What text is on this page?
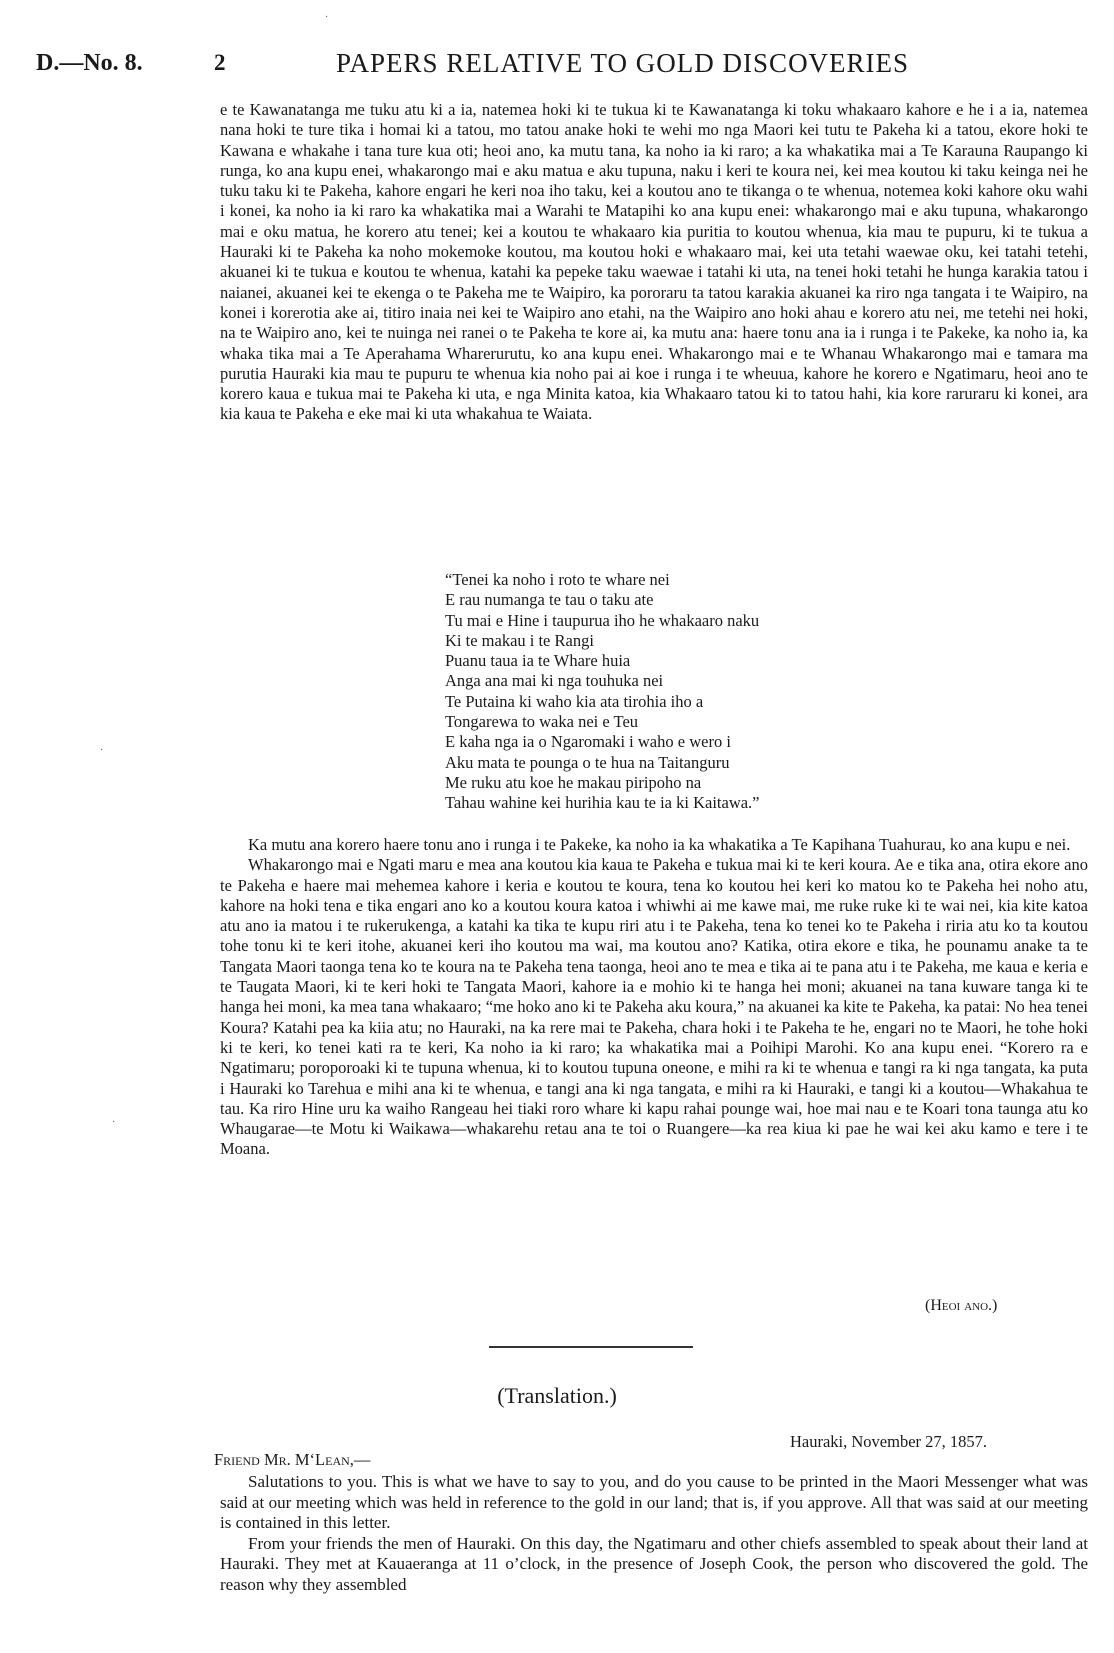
D.—No. 8.	2	PAPERS RELATIVE TO GOLD DISCOVERIES

e te Kawanatanga me tuku atu ki a ia, natemea hoki ki te tukua ki te Kawanatanga ki toku whakaaro kahore e he i a ia, natemea nana hoki te ture tika i homai ki a tatou, mo tatou anake hoki te wehi mo nga Maori kei tutu te Pakeha ki a tatou, ekore hoki te Kawana e whakahe i tana ture kua oti; heoi ano, ka mutu tana, ka noho ia ki raro; a ka whakatika mai a Te Karauna Raupango ki runga, ko ana kupu enei, whakarongo mai e aku matua e aku tupuna, naku i keri te koura nei, kei mea koutou ki taku keinga nei he tuku taku ki te Pakeha, kahore engari he keri noa iho taku, kei a koutou ano te tikanga o te whenua, notemea koki kahore oku wahi i konei, ka noho ia ki raro ka whakatika mai a Warahi te Matapihi ko ana kupu enei: whakarongo mai e aku tupuna, whakarongo mai e oku matua, he korero atu tenei; kei a koutou te whakaaro kia puritia to koutou whenua, kia mau te pupuru, ki te tukua a Hauraki ki te Pakeha ka noho mokemoke koutou, ma koutou hoki e whakaaro mai, kei uta tetahi waewae oku, kei tatahi tetehi, akuanei ki te tukua e koutou te whenua, katahi ka pepeke taku waewae i tatahi ki uta, na tenei hoki tetahi he hunga karakia tatou i naianei, akuanei kei te ekenga o te Pakeha me te Waipiro, ka pororaru ta tatou karakia akuanei ka riro nga tangata i te Waipiro, na konei i korerotia ake ai, titiro inaia nei kei te Waipiro ano etahi, na the Waipiro ano hoki ahau e korero atu nei, me tetehi nei hoki, na te Waipiro ano, kei te nuinga nei ranei o te Pakeha te kore ai, ka mutu ana: haere tonu ana ia i runga i te Pakeke, ka noho ia, ka whaka tika mai a Te Aperahama Wharerurutu, ko ana kupu enei. Whakarongo mai e te Whanau Whakarongo mai e tamara ma purutia Hauraki kia mau te pupuru te whenua kia noho pai ai koe i runga i te wheuua, kahore he korero e Ngatimaru, heoi ano te korero kaua e tukua mai te Pakeha ki uta, e nga Minita katoa, kia Whakaaro tatou ki to tatou hahi, kia kore raruraru ki konei, ara kia kaua te Pakeha e eke mai ki uta whakahua te Waiata.

“Tenei ka noho i roto te whare nei
E rau numanga te tau o taku ate
Tu mai e Hine i taupurua iho he whakaaro naku
Ki te makau i te Rangi
Puanu taua ia te Whare huia
Anga ana mai ki nga touhuka nei
Te Putaina ki waho kia ata tirohia iho a
Tongarewa to waka nei e Teu
E kaha nga ia o Ngaromaki i waho e wero i
Aku mata te pounga o te hua na Taitanguru
Me ruku atu koe he makau piripoho na
Tahau wahine kei hurihia kau te ia ki Kaitawa.”

Ka mutu ana korero haere tonu ano i runga i te Pakeke, ka noho ia ka whakatika a Te Kapihana Tuahurau, ko ana kupu e nei.

Whakarongo mai e Ngati maru e mea ana koutou kia kaua te Pakeha e tukua mai ki te keri koura. Ae e tika ana, otira ekore ano te Pakeha e haere mai mehemea kahore i keria e koutou te koura, tena ko koutou hei keri ko matou ko te Pakeha hei noho atu, kahore na hoki tena e tika engari ano ko a koutou koura katoa i whiwhi ai me kawe mai, me ruke ruke ki te wai nei, kia kite katoa atu ano ia matou i te rukerukenga, a katahi ka tika te kupu riri atu i te Pakeha, tena ko tenei ko te Pakeha i riria atu ko ta koutou tohe tonu ki te keri itohe, akuanei keri iho koutou ma wai, ma koutou ano? Katika, otira ekore e tika, he pounamu anake ta te Tangata Maori taonga tena ko te koura na te Pakeha tena taonga, heoi ano te mea e tika ai te pana atu i te Pakeha, me kaua e keria e te Taugata Maori, ki te keri hoki te Tangata Maori, kahore ia e mohio ki te hanga hei moni; akuanei na tana kuware tanga ki te hanga hei moni, ka mea tana whakaaro; “me hoko ano ki te Pakeha aku koura,” na akuanei ka kite te Pakeha, ka patai: No hea tenei Koura? Katahi pea ka kiia atu; no Hauraki, na ka rere mai te Pakeha, chara hoki i te Pakeha te he, engari no te Maori, he tohe hoki ki te keri, ko tenei kati ra te keri, Ka noho ia ki raro; ka whakatika mai a Poihipi Marohi. Ko ana kupu enei. “Korero ra e Ngatimaru; poroporoaki ki te tupuna whenua, ki to koutou tupuna oneone, e mihi ra ki te whenua e tangi ra ki nga tangata, ka puta i Hauraki ko Tarehua e mihi ana ki te whenua, e tangi ana ki nga tangata, e mihi ra ki Hauraki, e tangi ki a koutou—Whakahua te tau. Ka riro Hine uru ka waiho Rangeau hei tiaki roro whare ki kapu rahai pounge wai, hoe mai nau e te Koari tona taunga atu ko Whaugarae—te Motu ki Waikawa—whakarehu retau ana te toi o Ruangere—ka rea kiua ki pae he wai kei aku kamo e tere i te Moana.

(Heoi ano.)
(Translation.)
Hauraki, November 27, 1857.
Friend Mr. M‘Lean,—

Salutations to you. This is what we have to say to you, and do you cause to be printed in the Maori Messenger what was said at our meeting which was held in reference to the gold in our land; that is, if you approve. All that was said at our meeting is contained in this letter.

From your friends the men of Hauraki. On this day, the Ngatimaru and other chiefs assembled to speak about their land at Hauraki. They met at Kauaeranga at 11 o’clock, in the presence of Joseph Cook, the person who discovered the gold. The reason why they assembled

·
·
·
